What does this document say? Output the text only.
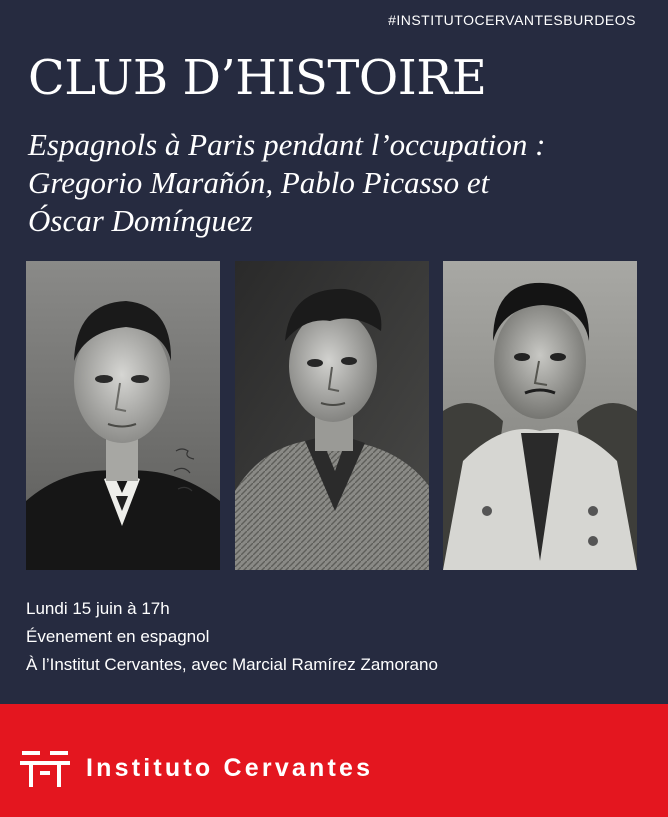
#INSTITUTOCERVANTESBURDEOS
CLUB D’HISTOIRE
Espagnols à Paris pendant l’occupation :
Gregorio Marañón, Pablo Picasso et
Óscar Domínguez
Lundi 15 juin à 17h
Évenement en espagnol
À l’Institut Cervantes, avec Marcial Ramírez Zamorano
Instituto Cervantes
